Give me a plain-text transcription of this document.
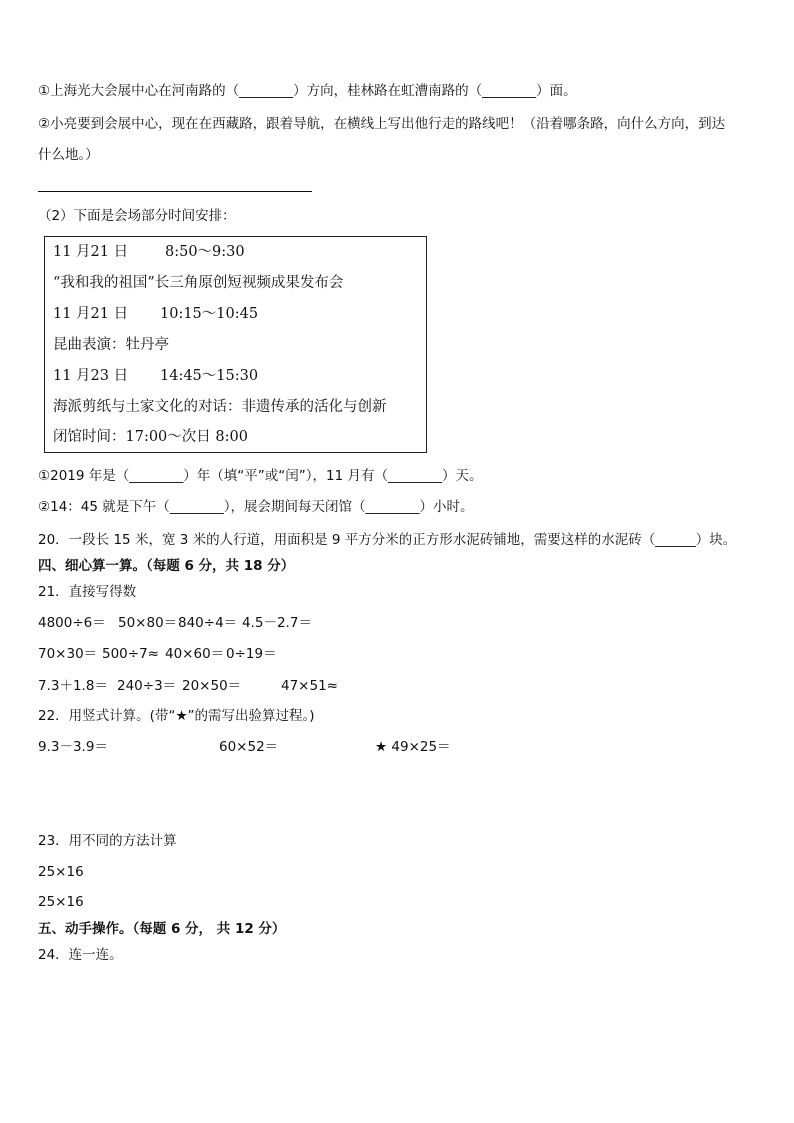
①上海光大会展中心在河南路的（________）方向，桂林路在虹漕南路的（________）面。
②小亮要到会展中心，现在在西藏路，跟着导航，在横线上写出他行走的路线吧！（沿着哪条路，向什么方向，到达
什么地。）
（2）下面是会场部分时间安排：
11 月21 日	8:50～9:30
“我和我的祖国”长三角原创短视频成果发布会
11 月21 日 10:15～10:45
昆曲表演：牡丹亭
11 月23 日 14:45～15:30
海派剪纸与土家文化的对话：非遗传承的活化与创新
闭馆时间：17:00～次日 8:00
①2019 年是（________）年（填“平”或“闰”），11 月有（________）天。
②14：45 就是下午（________），展会期间每天闭馆（________）小时。
20．一段长 15 米，宽 3 米的人行道，用面积是 9 平方分米的正方形水泥砖铺地，需要这样的水泥砖（______）块。
四、细心算一算。（每题 6 分，共 18 分）
21．直接写得数
4800÷6＝ 50×80＝ 840÷4＝ 4.5－2.7＝
70×30＝ 500÷7≈ 40×60＝ 0÷19＝
7.3＋1.8＝ 240÷3＝ 20×50＝	47×51≈
22．用竖式计算。(带“★”的需写出验算过程。)
9.3－3.9＝	60×52＝	★ 49×25＝
23．用不同的方法计算
25×16
25×16
五、动手操作。（每题 6 分， 共 12 分）
24．连一连。
